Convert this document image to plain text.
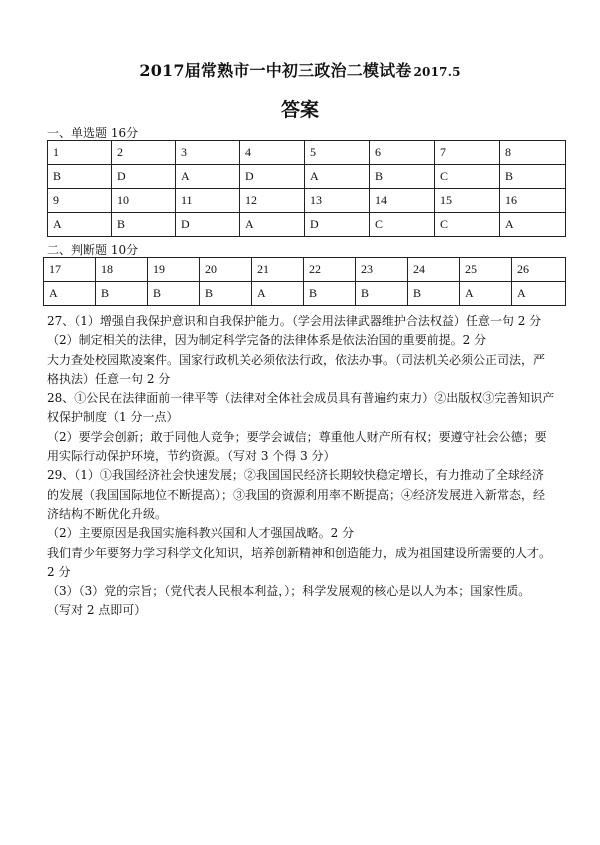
2017届常熟市一中初三政治二模试卷 2017.5
答案
一、单选题 16分
1	2	3	4	5	6	7	8
B	D	A	D	A	B	C	B
9	10	11	12	13	14	15	16
A	B	D	A	D	C	C	A
二、判断题 10分
17	18	19	20	21	22	23	24	25	26
A	B	B	B	A	B	B	B	A	A

27、（1）增强自我保护意识和自我保护能力。（学会用法律武器维护合法权益）任意一句 2 分

（2）制定相关的法律，因为制定科学完备的法律体系是依法治国的重要前提。2 分

大力查处校园欺凌案件。国家行政机关必须依法行政，依法办事。（司法机关必须公正司法，严

格执法）任意一句 2 分

28、①公民在法律面前一律平等（法律对全体社会成员具有普遍约束力）②出版权③完善知识产

权保护制度（1 分一点）

（2）要学会创新；敢于同他人竞争；要学会诚信；尊重他人财产所有权；要遵守社会公德；要

用实际行动保护环境，节约资源。（写对 3 个得 3 分）

29、（1）①我国经济社会快速发展；②我国国民经济长期较快稳定增长，有力推动了全球经济

的发展（我国国际地位不断提高）；③我国的资源利用率不断提高；④经济发展进入新常态，经

济结构不断优化升级。

（2）主要原因是我国实施科教兴国和人才强国战略。2 分

我们青少年要努力学习科学文化知识，培养创新精神和创造能力，成为祖国建设所需要的人才。

2 分

（3）（3）党的宗旨；（党代表人民根本利益，）；科学发展观的核心是以人为本；国家性质。

（写对 2 点即可）
